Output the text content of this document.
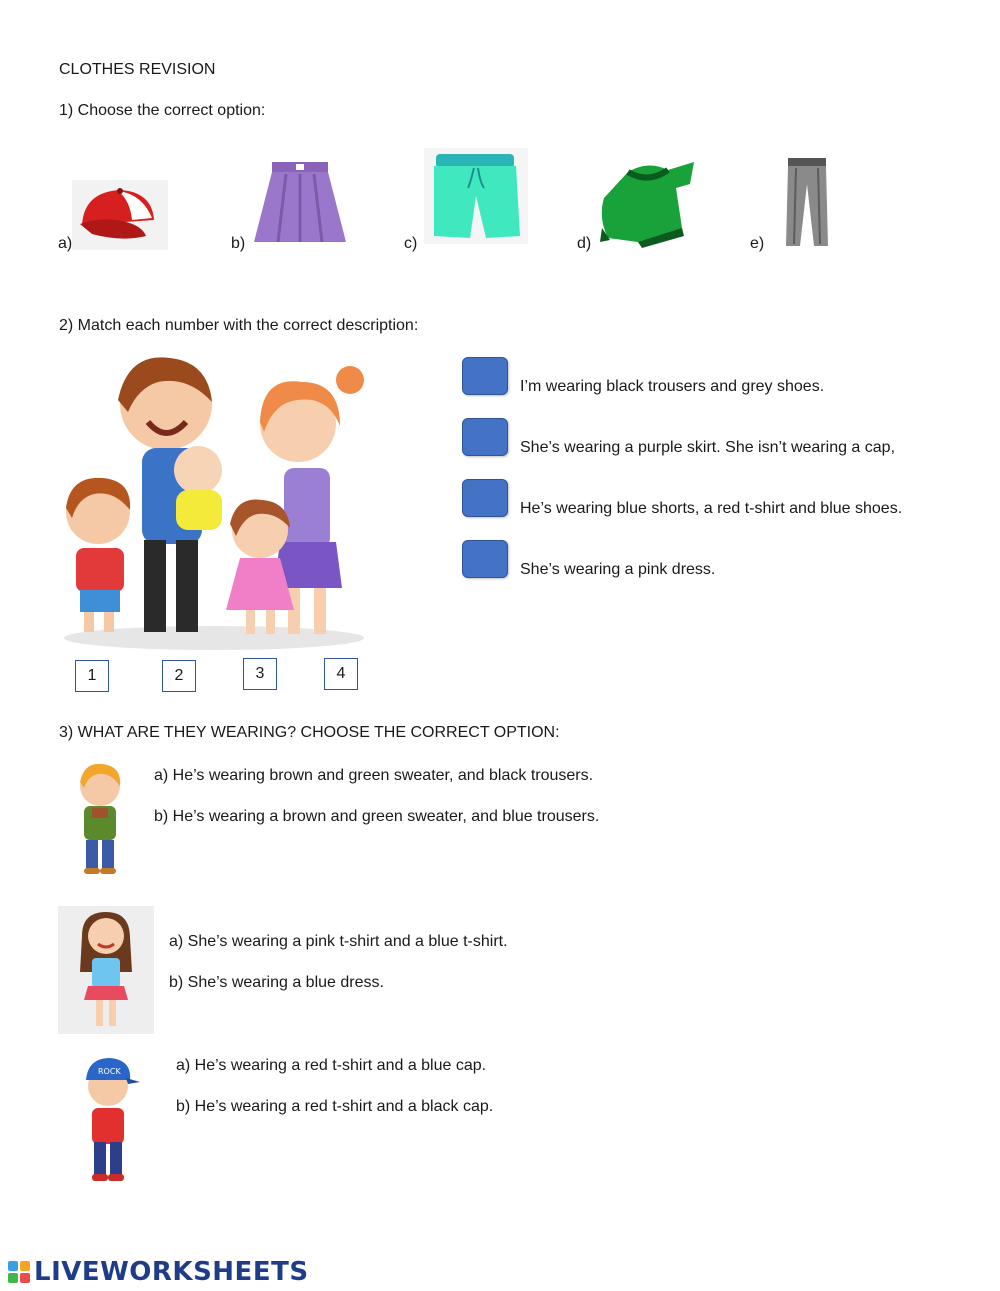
CLOTHES REVISION
1) Choose the correct option:
a)	b)	c)	d)	e)
2) Match each number with the correct description:
1	2	3	4
I’m wearing black trousers and grey shoes.
She’s wearing a purple skirt. She isn’t wearing a cap,
He’s wearing blue shorts, a red t-shirt and blue shoes.
She’s wearing a pink dress.
3) WHAT ARE THEY WEARING? CHOOSE THE CORRECT OPTION:
a) He’s wearing brown and green sweater, and black trousers.
b) He’s wearing a brown and green sweater, and blue trousers.
a) She’s wearing a pink t-shirt and a blue t-shirt.
b) She’s wearing a blue dress.
ROCK	a) He’s wearing a red t-shirt and a blue cap.
b) He’s wearing a red t-shirt and a black cap.
LIVEWORKSHEETS
